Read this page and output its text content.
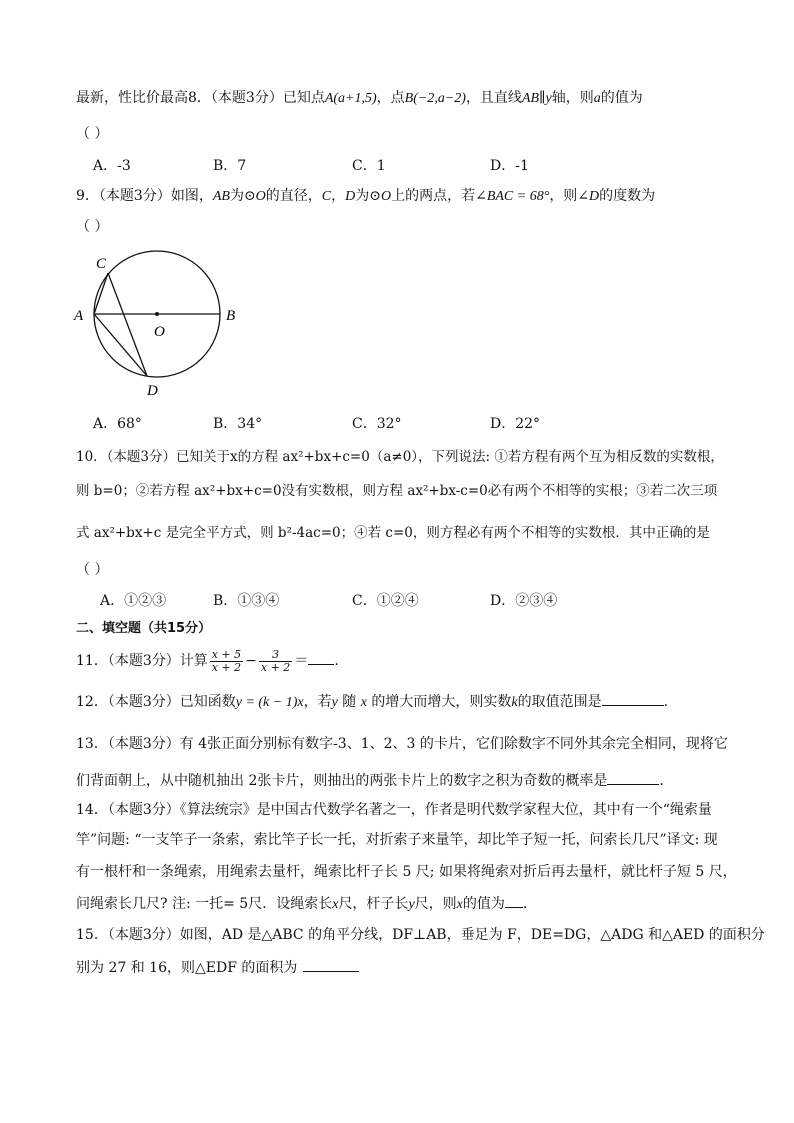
最新，性比价最高8．（本题3分）已知点A(a+1,5)，点B(−2,a−2)，且直线AB∥y轴，则a的值为
（ ）
A．-3	B．7	C．1	D．-1
9．（本题3分）如图，AB为⊙O的直径，C，D为⊙O上的两点，若∠BAC = 68°，则∠D的度数为
（ ）
A	B
C
D
O
A．68°	B．34°	C．32°	D．22°
10．（本题3分）已知关于x的方程 ax²+bx+c=0（a≠0），下列说法: ①若方程有两个互为相反数的实数根，
则 b=0；②若方程 ax²+bx+c=0没有实数根，则方程 ax²+bx-c=0必有两个不相等的实根；③若二次三项
式 ax²+bx+c 是完全平方式，则 b²-4ac=0；④若 c=0，则方程必有两个不相等的实数根．其中正确的是
（ ）
A．①②③	B．①③④	C．①②④	D．②③④
二、填空题（共15分）
11．（本题3分）计算 $\frac{x + 5}{x + 2} - \frac{3}{x + 2}$ ＝ .
12．（本题3分）已知函数y = (k − 1)x，若y 随 x 的增大而增大，则实数k的取值范围是	.
13．（本题3分）有 4张正面分别标有数字-3、1、2、3 的卡片，它们除数字不同外其余完全相同，现将它
们背面朝上，从中随机抽出 2张卡片，则抽出的两张卡片上的数字之积为奇数的概率是	．
14．（本题3分）《算法统宗》是中国古代数学名著之一，作者是明代数学家程大位，其中有一个“绳索量
竿”问题: “一支竿子一条索，索比竿子长一托，对折索子来量竿，却比竿子短一托，问索长几尺”译文: 现
有一根杆和一条绳索，用绳索去量杆，绳索比杆子长 5 尺; 如果将绳索对折后再去量杆，就比杆子短 5 尺，
问绳索长几尺? 注: 一托= 5尺．设绳索长x尺，杆子长y尺，则x的值为 ．
15．（本题3分）如图，AD 是△ABC 的角平分线，DF⊥AB，垂足为 F，DE=DG，△ADG 和△AED 的面积分
别为 27 和 16，则△EDF 的面积为
